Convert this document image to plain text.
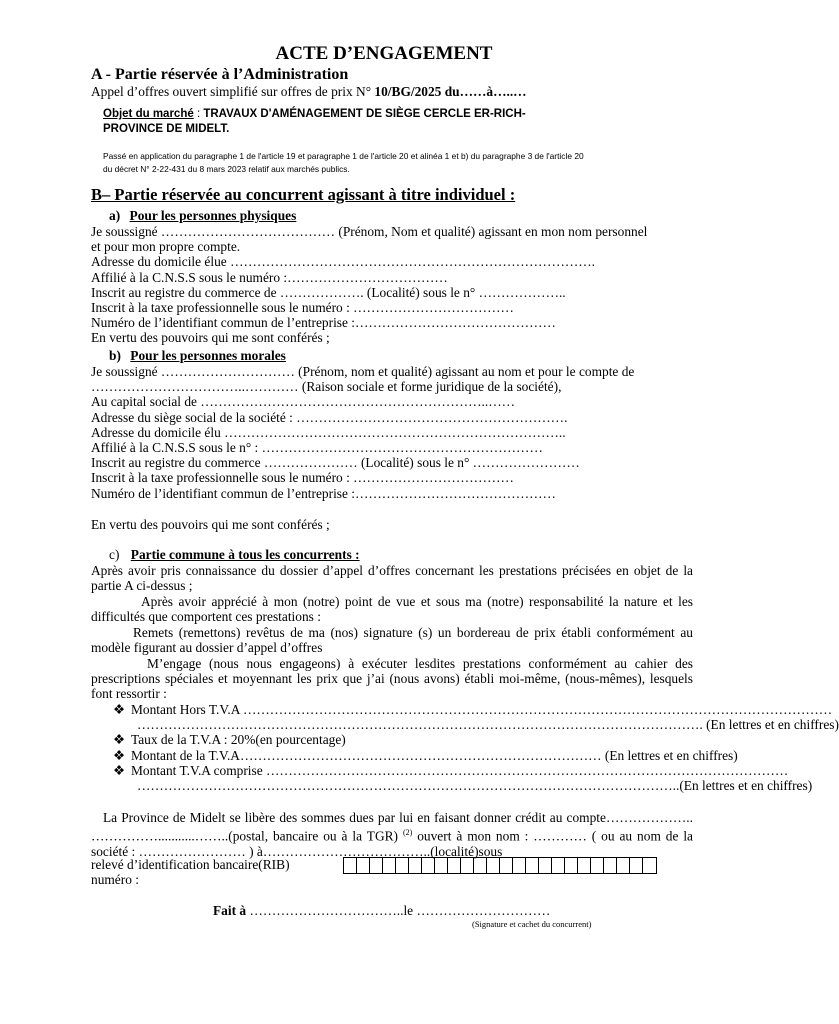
ACTE D’ENGAGEMENT
A - Partie réservée à l’Administration
Appel d’offres ouvert simplifié sur offres de prix N° 10/BG/2025 du……à…..…
Objet du marché : TRAVAUX D'AMÉNAGEMENT DE SIÈGE CERCLE ER-RICH-
PROVINCE DE MIDELT.
Passé en application du paragraphe 1 de l'article 19 et paragraphe 1 de l'article 20 et alinéa 1 et b) du paragraphe 3 de l'article 20
du décret N° 2-22-431 du 8 mars 2023 relatif aux marchés publics.
B– Partie réservée au concurrent agissant à titre individuel :
a) Pour les personnes physiques
Je soussigné ………………………………… (Prénom, Nom et qualité) agissant en mon nom personnel
et pour mon propre compte.
Adresse du domicile élue ……………………………………………………………………….
Affilié à la C.N.S.S sous le numéro :………………………………
Inscrit au registre du commerce de ………………. (Localité) sous le n° ………………..
Inscrit à la taxe professionnelle sous le numéro : ………………………………
Numéro de l’identifiant commun de l’entreprise :………………………………………
En vertu des pouvoirs qui me sont conférés ;
b) Pour les personnes morales
Je soussigné ………………………… (Prénom, nom et qualité) agissant au nom et pour le compte de
……………………………..………… (Raison sociale et forme juridique de la société),
Au capital social de ………………………………………………………..……
Adresse du siège social de la société : …………………………………………………….
Adresse du domicile élu …………………………………………………………………..
Affilié à la C.N.S.S sous le n° : ………………………………………………………
Inscrit au registre du commerce ………………… (Localité) sous le n° ……………………
Inscrit à la taxe professionnelle sous le numéro : ………………………………
Numéro de l’identifiant commun de l’entreprise :………………………………………
En vertu des pouvoirs qui me sont conférés ;
c) Partie commune à tous les concurrents :
Après avoir pris connaissance du dossier d’appel d’offres concernant les prestations précisées en objet de la partie A ci-dessus ;
Après avoir apprécié à mon (notre) point de vue et sous ma (notre) responsabilité la nature et les difficultés que comportent ces prestations :
Remets (remettons) revêtus de ma (nos) signature (s) un bordereau de prix établi conformément au modèle figurant au dossier d’appel d’offres
M’engage (nous nous engageons) à exécuter lesdites prestations conformément au cahier des prescriptions spéciales et moyennant les prix que j’ai (nous avons) établi moi-même, (nous-mêmes), lesquels font ressortir :
❖ Montant Hors T.V.A ……………………………………………………………………………………………………………………
………………………………………………………………………………………………………………. (En lettres et en chiffres)
❖ Taux de la T.V.A : 20%(en pourcentage)
❖ Montant de la T.V.A……………………………………………………………………… (En lettres et en chiffres)
❖ Montant T.V.A comprise ………………………………………………………………………………………………………
…………………………………………………………………………………………………………..(En lettres et en chiffres)
La Province de Midelt se libère des sommes dues par lui en faisant donner crédit au compte……………….. ……………...........……..(postal, bancaire ou à la TGR) $^{(2)}$ ouvert à mon nom : ………… ( ou au nom de la société : …………………… ) à………………………………..(localité)sous
relevé d’identification bancaire(RIB)
numéro :
Fait à ……………………………..le …………………………
(Signature et cachet du concurrent)
